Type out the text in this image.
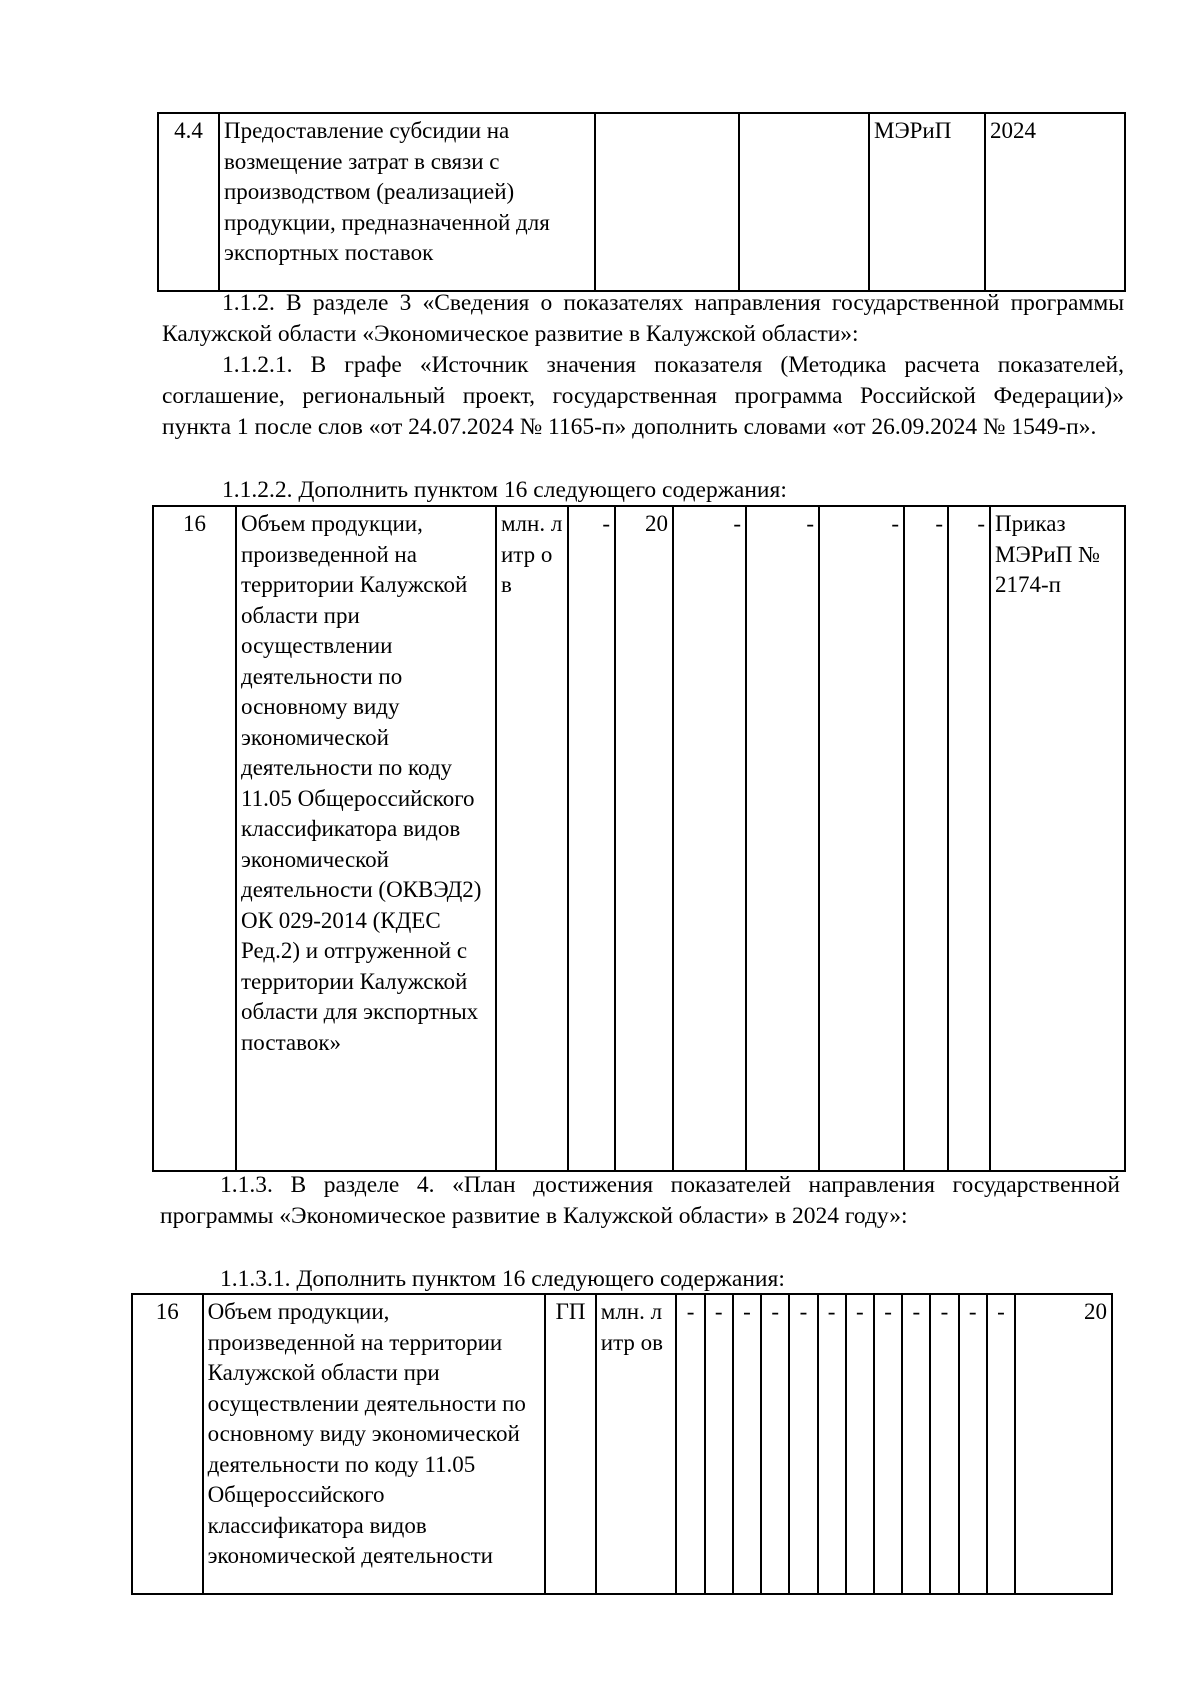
4.4	Предоставление субсидии на возмещение затрат в связи с производством (реализацией) продукции, предназначенной для экспортных поставок			МЭРиП	2024
1.1.2. В разделе 3 «Сведения о показателях направления государственной программы Калужской области «Экономическое развитие в Калужской области»:
1.1.2.1. В графе «Источник значения показателя (Методика расчета показателей, соглашение, региональный проект, государственная программа Российской Федерации)» пункта 1 после слов «от 24.07.2024 № 1165-п» дополнить словами «от 26.09.2024 № 1549-п».
1.1.2.2. Дополнить пунктом 16 следующего содержания:
16	Объем продукции, произведенной на территории Калужской области при осуществлении деятельности по основному виду экономической деятельности по коду 11.05 Общероссийского классификатора видов экономической деятельности (ОКВЭД2) ОК 029-2014 (КДЕС Ред.2) и отгруженной с территории Калужской области для экспортных поставок»	млн. литр ов	-	20	-	-	-	-	-	Приказ МЭРиП № 2174-п
1.1.3. В разделе 4. «План достижения показателей направления государственной программы «Экономическое развитие в Калужской области» в 2024 году»:
1.1.3.1. Дополнить пунктом 16 следующего содержания:
16	Объем продукции, произведенной на территории Калужской области при осуществлении деятельности по основному виду экономической деятельности по коду 11.05 Общероссийского классификатора видов экономической деятельности	ГП	млн. литр ов	-	-	-	-	-	-	-	-	-	-	-	-	20
